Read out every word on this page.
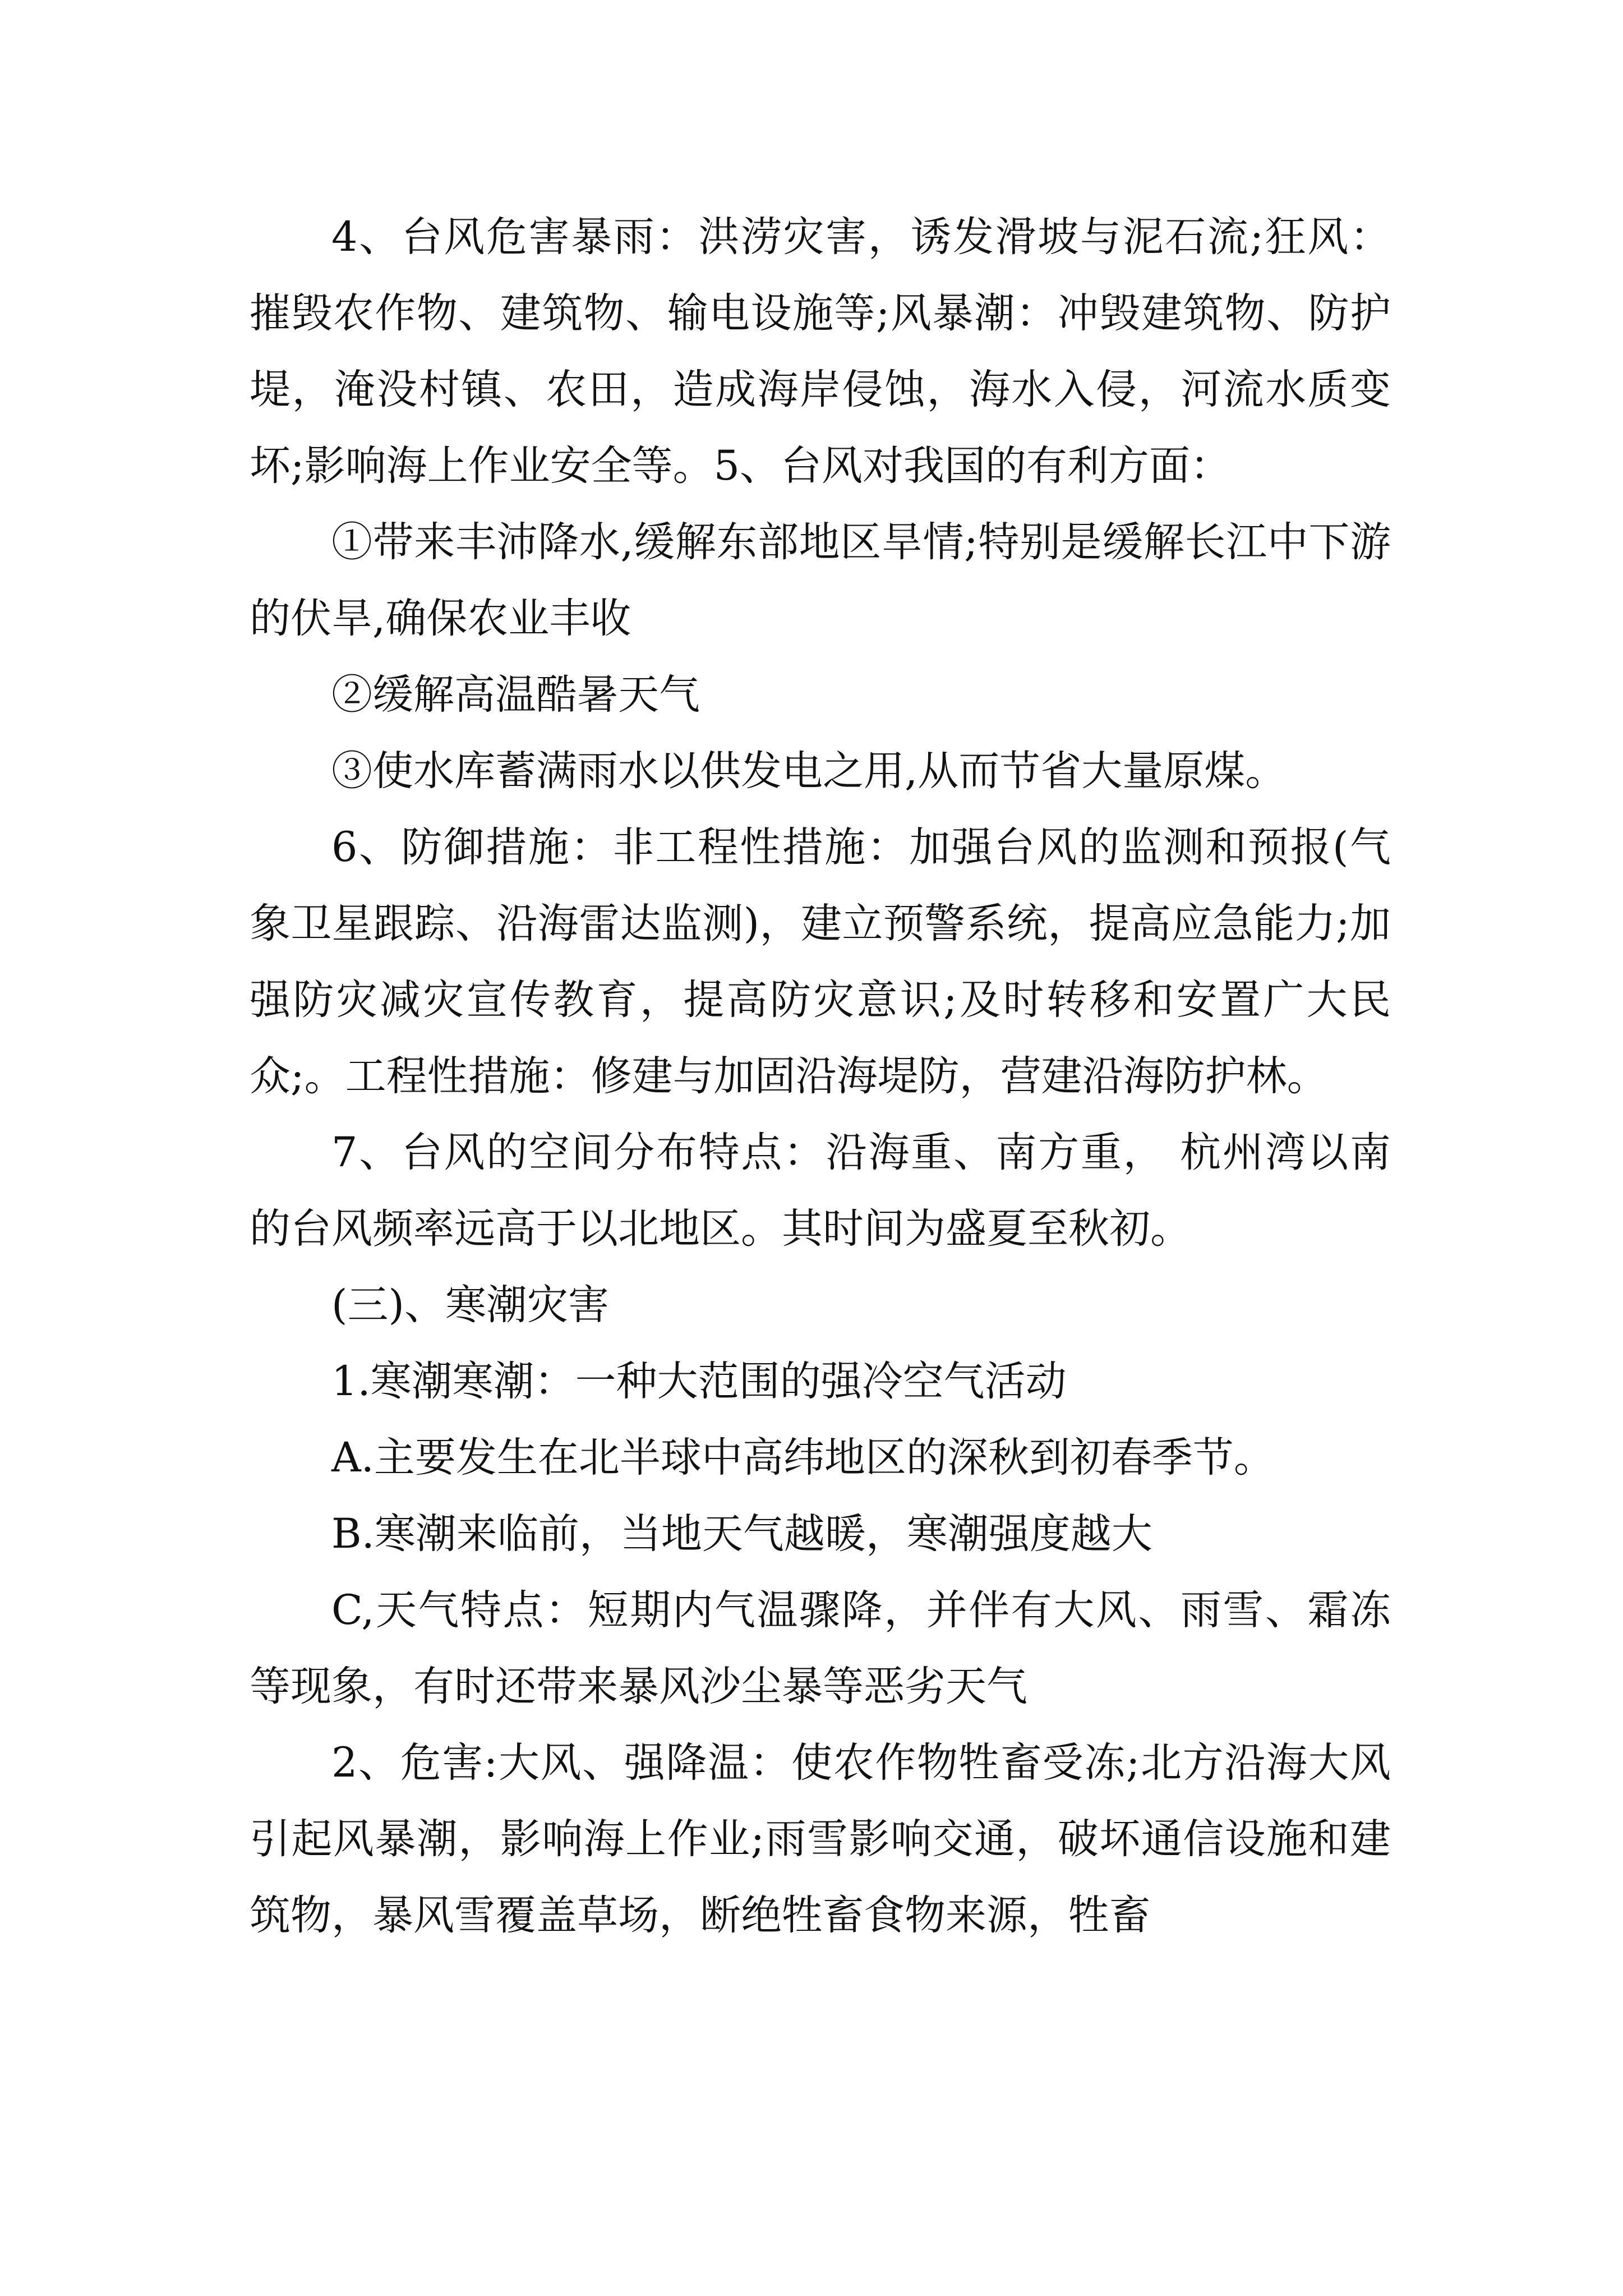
4、台风危害暴雨：洪涝灾害，诱发滑坡与泥石流;狂风：摧毁农作物、建筑物、输电设施等;风暴潮：冲毁建筑物、防护堤，淹没村镇、农田，造成海岸侵蚀，海水入侵，河流水质变坏;影响海上作业安全等。5、台风对我国的有利方面：

①带来丰沛降水,缓解东部地区旱情;特别是缓解长江中下游的伏旱,确保农业丰收

②缓解高温酷暑天气

③使水库蓄满雨水以供发电之用,从而节省大量原煤。

6、防御措施：非工程性措施：加强台风的监测和预报(气象卫星跟踪、沿海雷达监测)，建立预警系统，提高应急能力;加强防灾减灾宣传教育，提高防灾意识;及时转移和安置广大民众;。工程性措施：修建与加固沿海堤防，营建沿海防护林。

7、台风的空间分布特点：沿海重、南方重， 杭州湾以南的台风频率远高于以北地区。其时间为盛夏至秋初。

(三)、寒潮灾害

1.寒潮寒潮：一种大范围的强冷空气活动

A.主要发生在北半球中高纬地区的深秋到初春季节。

B.寒潮来临前，当地天气越暖，寒潮强度越大

C,天气特点：短期内气温骤降，并伴有大风、雨雪、霜冻等现象，有时还带来暴风沙尘暴等恶劣天气

2、危害:大风、强降温：使农作物牲畜受冻;北方沿海大风引起风暴潮，影响海上作业;雨雪影响交通，破坏通信设施和建筑物，暴风雪覆盖草场，断绝牲畜食物来源，牲畜
